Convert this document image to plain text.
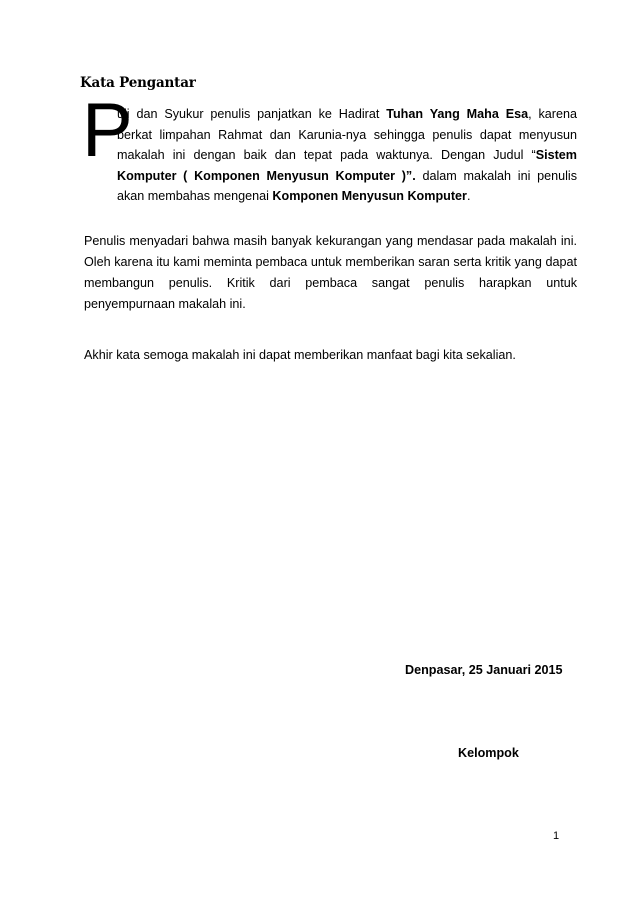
Kata Pengantar
P

uji dan Syukur penulis panjatkan ke Hadirat Tuhan Yang Maha Esa, karena berkat limpahan Rahmat dan Karunia-nya sehingga penulis dapat menyusun makalah ini dengan baik dan tepat pada waktunya. Dengan Judul “Sistem Komputer ( Komponen Menyusun Komputer )”. dalam makalah ini penulis akan membahas mengenai Komponen Menyusun Komputer.

Penulis menyadari bahwa masih banyak kekurangan yang mendasar pada makalah ini. Oleh karena itu kami meminta pembaca untuk memberikan saran serta kritik yang dapat membangun penulis. Kritik dari pembaca sangat penulis harapkan untuk penyempurnaan makalah ini.

Akhir kata semoga makalah ini dapat memberikan manfaat bagi kita sekalian.

Denpasar, 25 Januari 2015
Kelompok
1
